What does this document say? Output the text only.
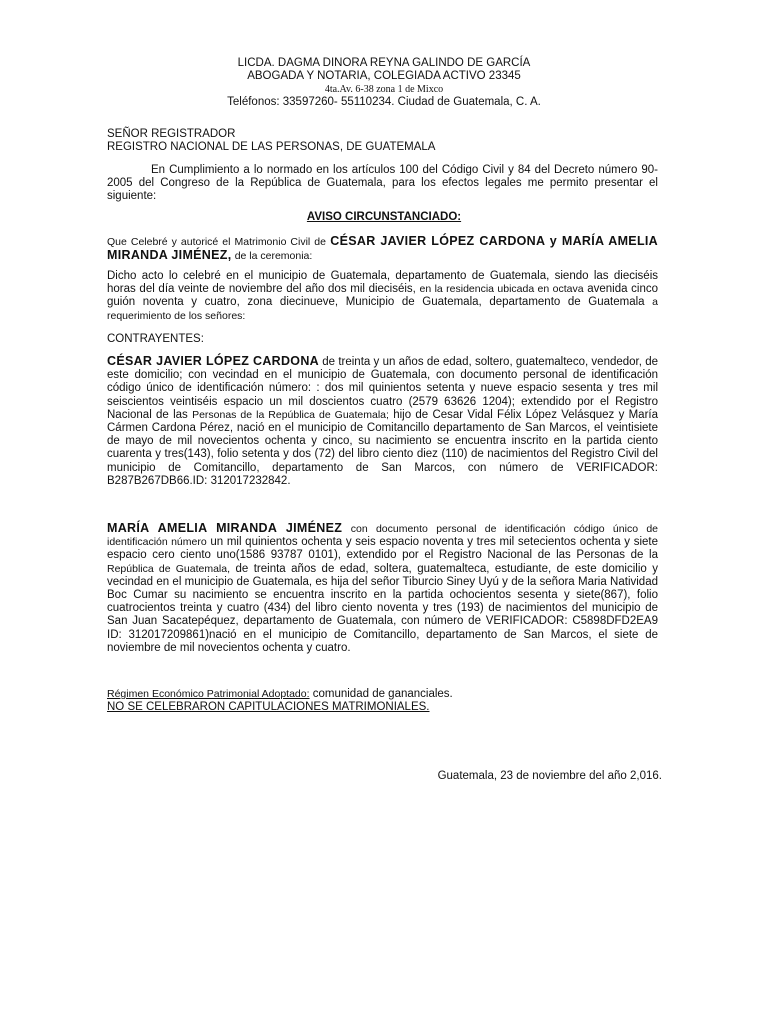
LICDA. DAGMA DINORA REYNA GALINDO DE GARCÍA
ABOGADA Y NOTARIA, COLEGIADA ACTIVO 23345
4ta.Av. 6-38 zona 1 de Mixco
Teléfonos: 33597260- 55110234. Ciudad de Guatemala, C. A.
SEÑOR REGISTRADOR
REGISTRO NACIONAL DE LAS PERSONAS, DE GUATEMALA
En Cumplimiento a lo normado en los artículos 100 del Código Civil y 84 del Decreto número 90-2005 del Congreso de la República de Guatemala, para los efectos legales me permito presentar el siguiente:
AVISO CIRCUNSTANCIADO:
Que Celebré y autoricé el Matrimonio Civil de CÉSAR JAVIER LÓPEZ CARDONA y MARÍA AMELIA MIRANDA JIMÉNEZ, de la ceremonia:
Dicho acto lo celebré en el municipio de Guatemala, departamento de Guatemala, siendo las dieciséis horas del día veinte de noviembre del año dos mil dieciséis, en la residencia ubicada en octava avenida cinco guión noventa y cuatro, zona diecinueve, Municipio de Guatemala, departamento de Guatemala a requerimiento de los señores:
CONTRAYENTES:
CÉSAR JAVIER LÓPEZ CARDONA de treinta y un años de edad, soltero, guatemalteco, vendedor, de este domicilio; con vecindad en el municipio de Guatemala, con documento personal de identificación código único de identificación número: : dos mil quinientos setenta y nueve espacio sesenta y tres mil seiscientos veintiséis espacio un mil doscientos cuatro (2579 63626 1204); extendido por el Registro Nacional de las Personas de la República de Guatemala; hijo de Cesar Vidal Félix López Velásquez y María Cármen Cardona Pérez, nació en el municipio de Comitancillo departamento de San Marcos, el veintisiete de mayo de mil novecientos ochenta y cinco, su nacimiento se encuentra inscrito en la partida ciento cuarenta y tres(143), folio setenta y dos (72) del libro ciento diez (110) de nacimientos del Registro Civil del municipio de Comitancillo, departamento de San Marcos, con número de VERIFICADOR: B287B267DB66.ID: 312017232842.
MARÍA AMELIA MIRANDA JIMÉNEZ con documento personal de identificación código único de identificación número un mil quinientos ochenta y seis espacio noventa y tres mil setecientos ochenta y siete espacio cero ciento uno(1586 93787 0101), extendido por el Registro Nacional de las Personas de la República de Guatemala, de treinta años de edad, soltera, guatemalteca, estudiante, de este domicilio y vecindad en el municipio de Guatemala, es hija del señor Tiburcio Siney Uyú y de la señora Maria Natividad Boc Cumar su nacimiento se encuentra inscrito en la partida ochocientos sesenta y siete(867), folio cuatrocientos treinta y cuatro (434) del libro ciento noventa y tres (193) de nacimientos del municipio de San Juan Sacatepéquez, departamento de Guatemala, con número de VERIFICADOR: C5898DFD2EA9 ID: 312017209861)nació en el municipio de Comitancillo, departamento de San Marcos, el siete de noviembre de mil novecientos ochenta y cuatro.
Régimen Económico Patrimonial Adoptado: comunidad de gananciales.
NO SE CELEBRARON CAPITULACIONES MATRIMONIALES.
Guatemala, 23 de noviembre del año 2,016.
